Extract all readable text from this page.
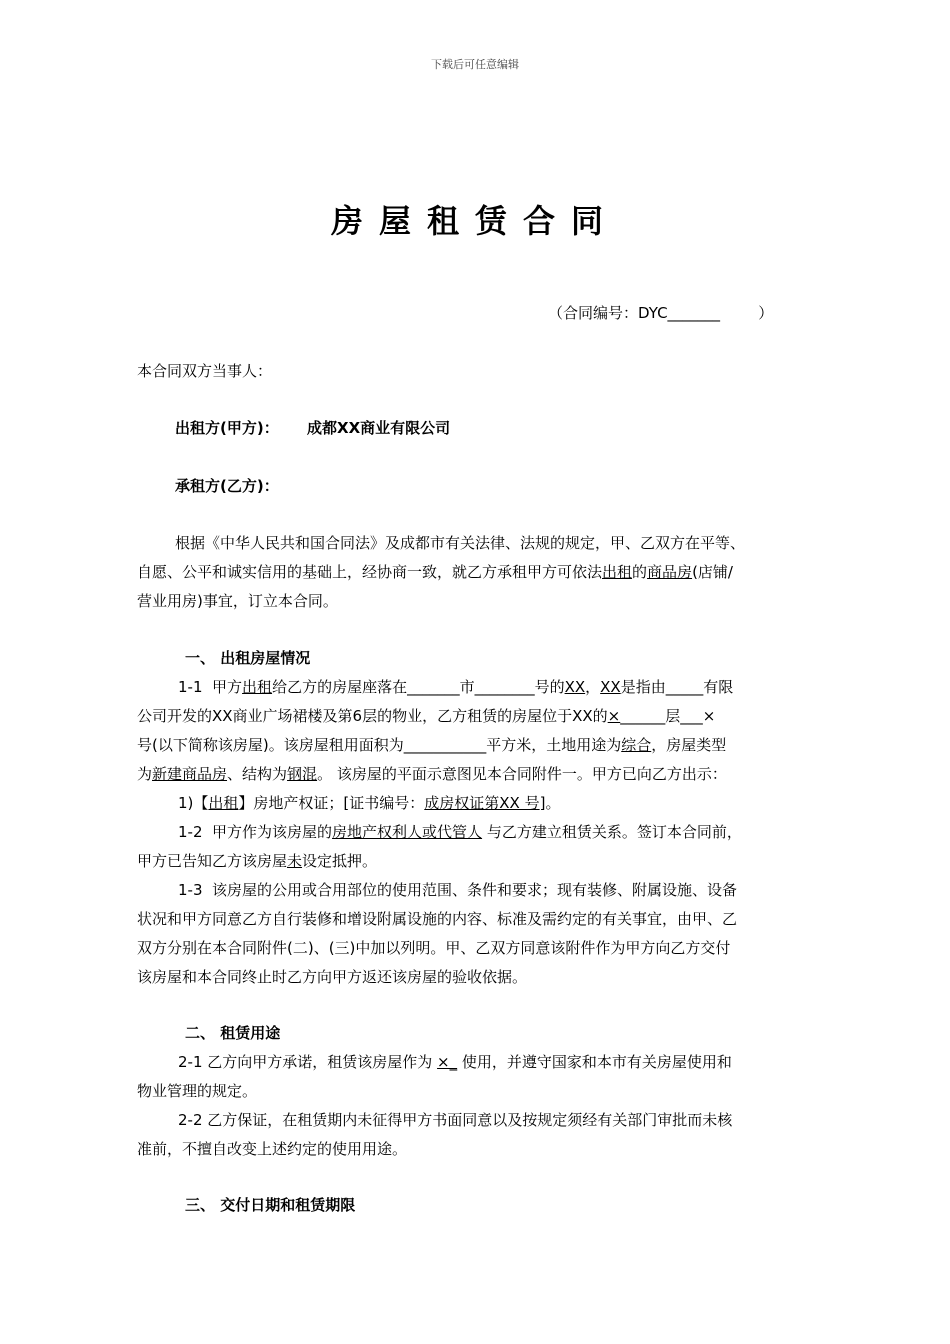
下载后可任意编辑
房屋租赁合同
（合同编号：DYC_______        ）
本合同双方当事人：
出租方(甲方)： 成都XX商业有限公司
承租方(乙方)：
根据《中华人民共和国合同法》及成都市有关法律、法规的规定，甲、乙双方在平等、
自愿、公平和诚实信用的基础上，经协商一致，就乙方承租甲方可依法出租的商品房(店铺/
营业用房)事宜，订立本合同。
一、 出租房屋情况
1-1  甲方出租给乙方的房屋座落在_______市________号的XX，XX是指由_____有限
公司开发的XX商业广场裙楼及第6层的物业，乙方租赁的房屋位于XX的×______层___×
号(以下简称该房屋)。该房屋租用面积为___________平方米，土地用途为综合，房屋类型
为新建商品房、结构为钢混。 该房屋的平面示意图见本合同附件一。甲方已向乙方出示：
1)【出租】房地产权证；[证书编号：成房权证第XX 号]。
1-2  甲方作为该房屋的房地产权利人或代管人 与乙方建立租赁关系。签订本合同前，
甲方已告知乙方该房屋未设定抵押。
1-3  该房屋的公用或合用部位的使用范围、条件和要求；现有装修、附属设施、设备
状况和甲方同意乙方自行装修和增设附属设施的内容、标准及需约定的有关事宜，由甲、乙
双方分别在本合同附件(二)、(三)中加以列明。甲、乙双方同意该附件作为甲方向乙方交付
该房屋和本合同终止时乙方向甲方返还该房屋的验收依据。
二、 租赁用途
2-1 乙方向甲方承诺，租赁该房屋作为 ×_ 使用，并遵守国家和本市有关房屋使用和
物业管理的规定。
2-2 乙方保证，在租赁期内未征得甲方书面同意以及按规定须经有关部门审批而未核
准前，不擅自改变上述约定的使用用途。
三、 交付日期和租赁期限
